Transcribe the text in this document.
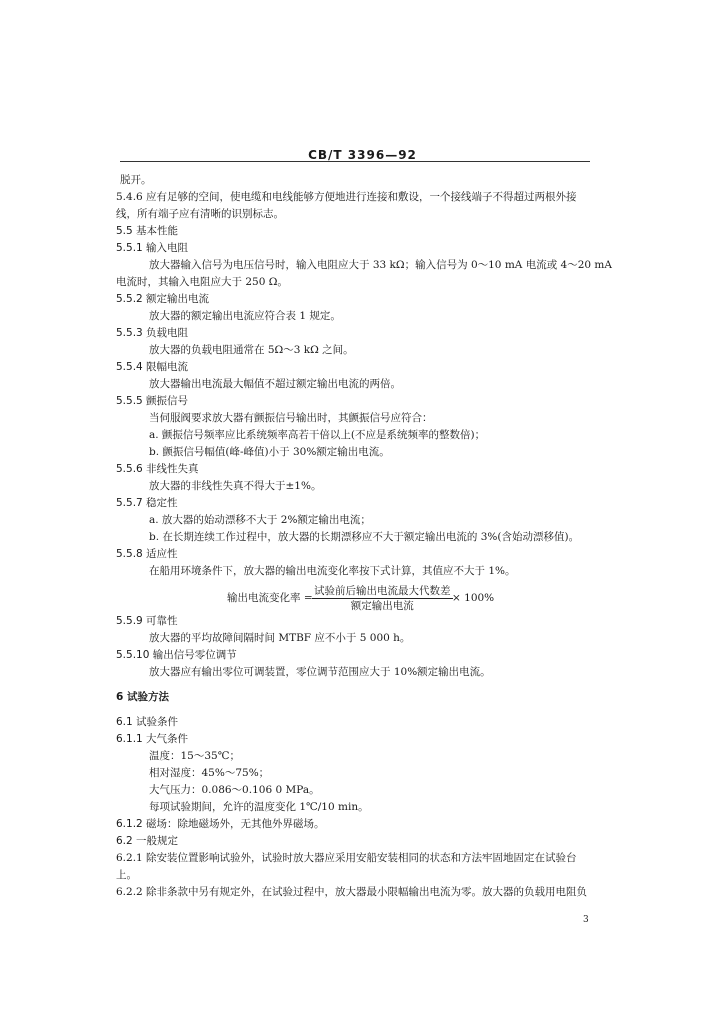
CB/T 3396—92
脱开。
5.4.6 应有足够的空间，使电缆和电线能够方便地进行连接和敷设，一个接线端子不得超过两根外接
线，所有端子应有清晰的识别标志。
5.5 基本性能
5.5.1 输入电阻
放大器输入信号为电压信号时，输入电阻应大于 33 kΩ；输入信号为 0～10 mA 电流或 4～20 mA
电流时，其输入电阻应大于 250 Ω。
5.5.2 额定输出电流
放大器的额定输出电流应符合表 1 规定。
5.5.3 负载电阻
放大器的负载电阻通常在 5Ω～3 kΩ 之间。
5.5.4 限幅电流
放大器输出电流最大幅值不超过额定输出电流的两倍。
5.5.5 颤振信号
当伺服阀要求放大器有颤振信号输出时，其颤振信号应符合：
a. 颤振信号频率应比系统频率高若干倍以上(不应是系统频率的整数倍)；
b. 颤振信号幅值(峰-峰值)小于 30%额定输出电流。
5.5.6 非线性失真
放大器的非线性失真不得大于±1%。
5.5.7 稳定性
a. 放大器的始动漂移不大于 2%额定输出电流；
b. 在长期连续工作过程中，放大器的长期漂移应不大于额定输出电流的 3%(含始动漂移值)。
5.5.8 适应性
在船用环境条件下，放大器的输出电流变化率按下式计算，其值应不大于 1%。
输出电流变化率 =
试验前后输出电流最大代数差
额定输出电流
× 100%
5.5.9 可靠性
放大器的平均故障间隔时间 MTBF 应不小于 5 000 h。
5.5.10 输出信号零位调节
放大器应有输出零位可调装置，零位调节范围应大于 10%额定输出电流。
6 试验方法
6.1 试验条件
6.1.1 大气条件
温度：15～35℃；
相对湿度：45%～75%；
大气压力：0.086～0.106 0 MPa。
每项试验期间，允许的温度变化 1℃/10 min。
6.1.2 磁场：除地磁场外，无其他外界磁场。
6.2 一般规定
6.2.1 除安装位置影响试验外，试验时放大器应采用安船安装相同的状态和方法牢固地固定在试验台
上。
6.2.2 除非条款中另有规定外，在试验过程中，放大器最小限幅输出电流为零。放大器的负载用电阻负
3
